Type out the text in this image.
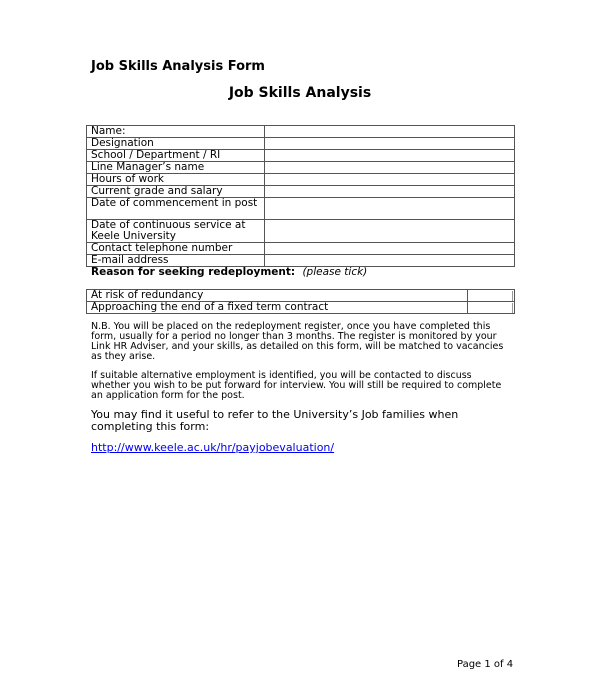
Job Skills Analysis Form
Job Skills Analysis
Name:	
Designation	
School / Department / RI	
Line Manager’s name	
Hours of work	
Current grade and salary	
Date of commencement in post	
Date of continuous service at Keele University	
Contact telephone number	
E-mail address	
Reason for seeking redeployment: (please tick)
At risk of redundancy	

Approaching the end of a fixed term contract	

N.B. You will be placed on the redeployment register, once you have completed this form, usually for a period no longer than 3 months. The register is monitored by your Link HR Adviser, and your skills, as detailed on this form, will be matched to vacancies as they arise.

If suitable alternative employment is identified, you will be contacted to discuss whether you wish to be put forward for interview. You will still be required to complete an application form for the post.

You may find it useful to refer to the University’s Job families when completing this form:

http://www.keele.ac.uk/hr/payjobevaluation/
Page 1 of 4
